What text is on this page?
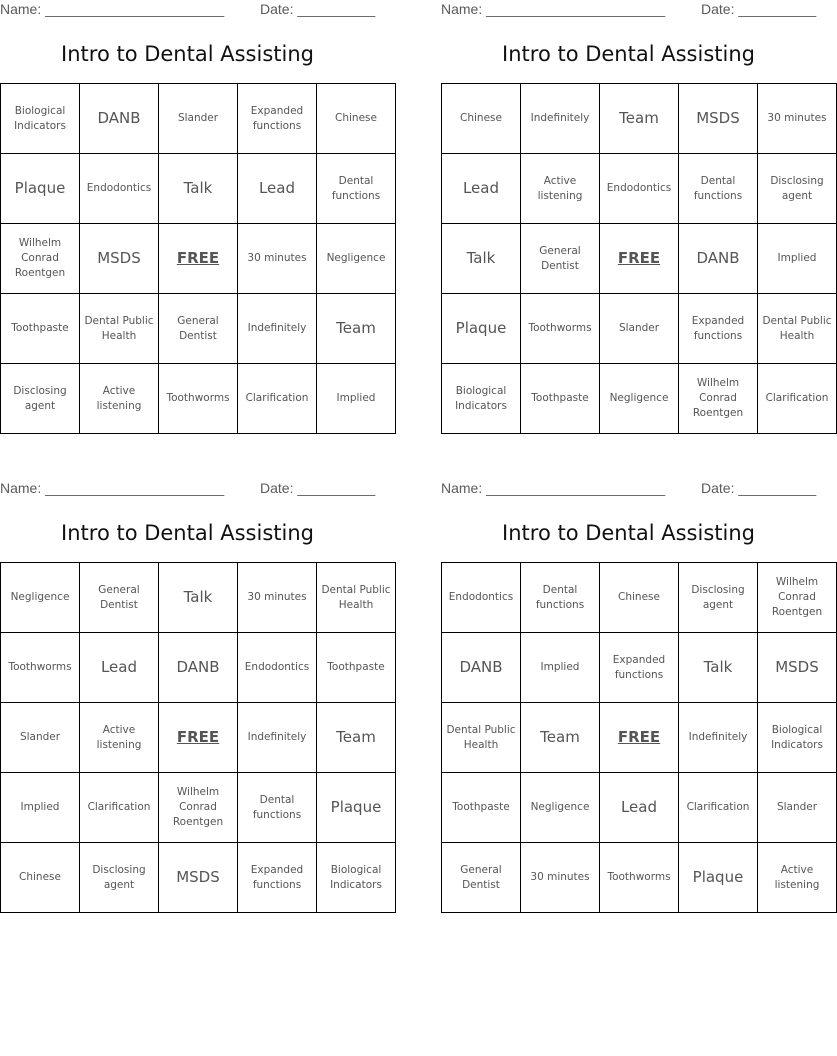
Name: _______________________	Date: __________
Intro to Dental Assisting
Biological Indicators	DANB	Slander	Expanded functions	Chinese
Plaque	Endodontics	Talk	Lead	Dental functions
Wilhelm Conrad Roentgen	MSDS	FREE	30 minutes	Negligence
Toothpaste	Dental Public Health	General Dentist	Indefinitely	Team
Disclosing agent	Active listening	Toothworms	Clarification	Implied
Name: _______________________	Date: __________
Intro to Dental Assisting
Chinese	Indefinitely	Team	MSDS	30 minutes
Lead	Active listening	Endodontics	Dental functions	Disclosing agent
Talk	General Dentist	FREE	DANB	Implied
Plaque	Toothworms	Slander	Expanded functions	Dental Public Health
Biological Indicators	Toothpaste	Negligence	Wilhelm Conrad Roentgen	Clarification
Name: _______________________	Date: __________
Intro to Dental Assisting
Negligence	General Dentist	Talk	30 minutes	Dental Public Health
Toothworms	Lead	DANB	Endodontics	Toothpaste
Slander	Active listening	FREE	Indefinitely	Team
Implied	Clarification	Wilhelm Conrad Roentgen	Dental functions	Plaque
Chinese	Disclosing agent	MSDS	Expanded functions	Biological Indicators
Name: _______________________	Date: __________
Intro to Dental Assisting
Endodontics	Dental functions	Chinese	Disclosing agent	Wilhelm Conrad Roentgen
DANB	Implied	Expanded functions	Talk	MSDS
Dental Public Health	Team	FREE	Indefinitely	Biological Indicators
Toothpaste	Negligence	Lead	Clarification	Slander
General Dentist	30 minutes	Toothworms	Plaque	Active listening
